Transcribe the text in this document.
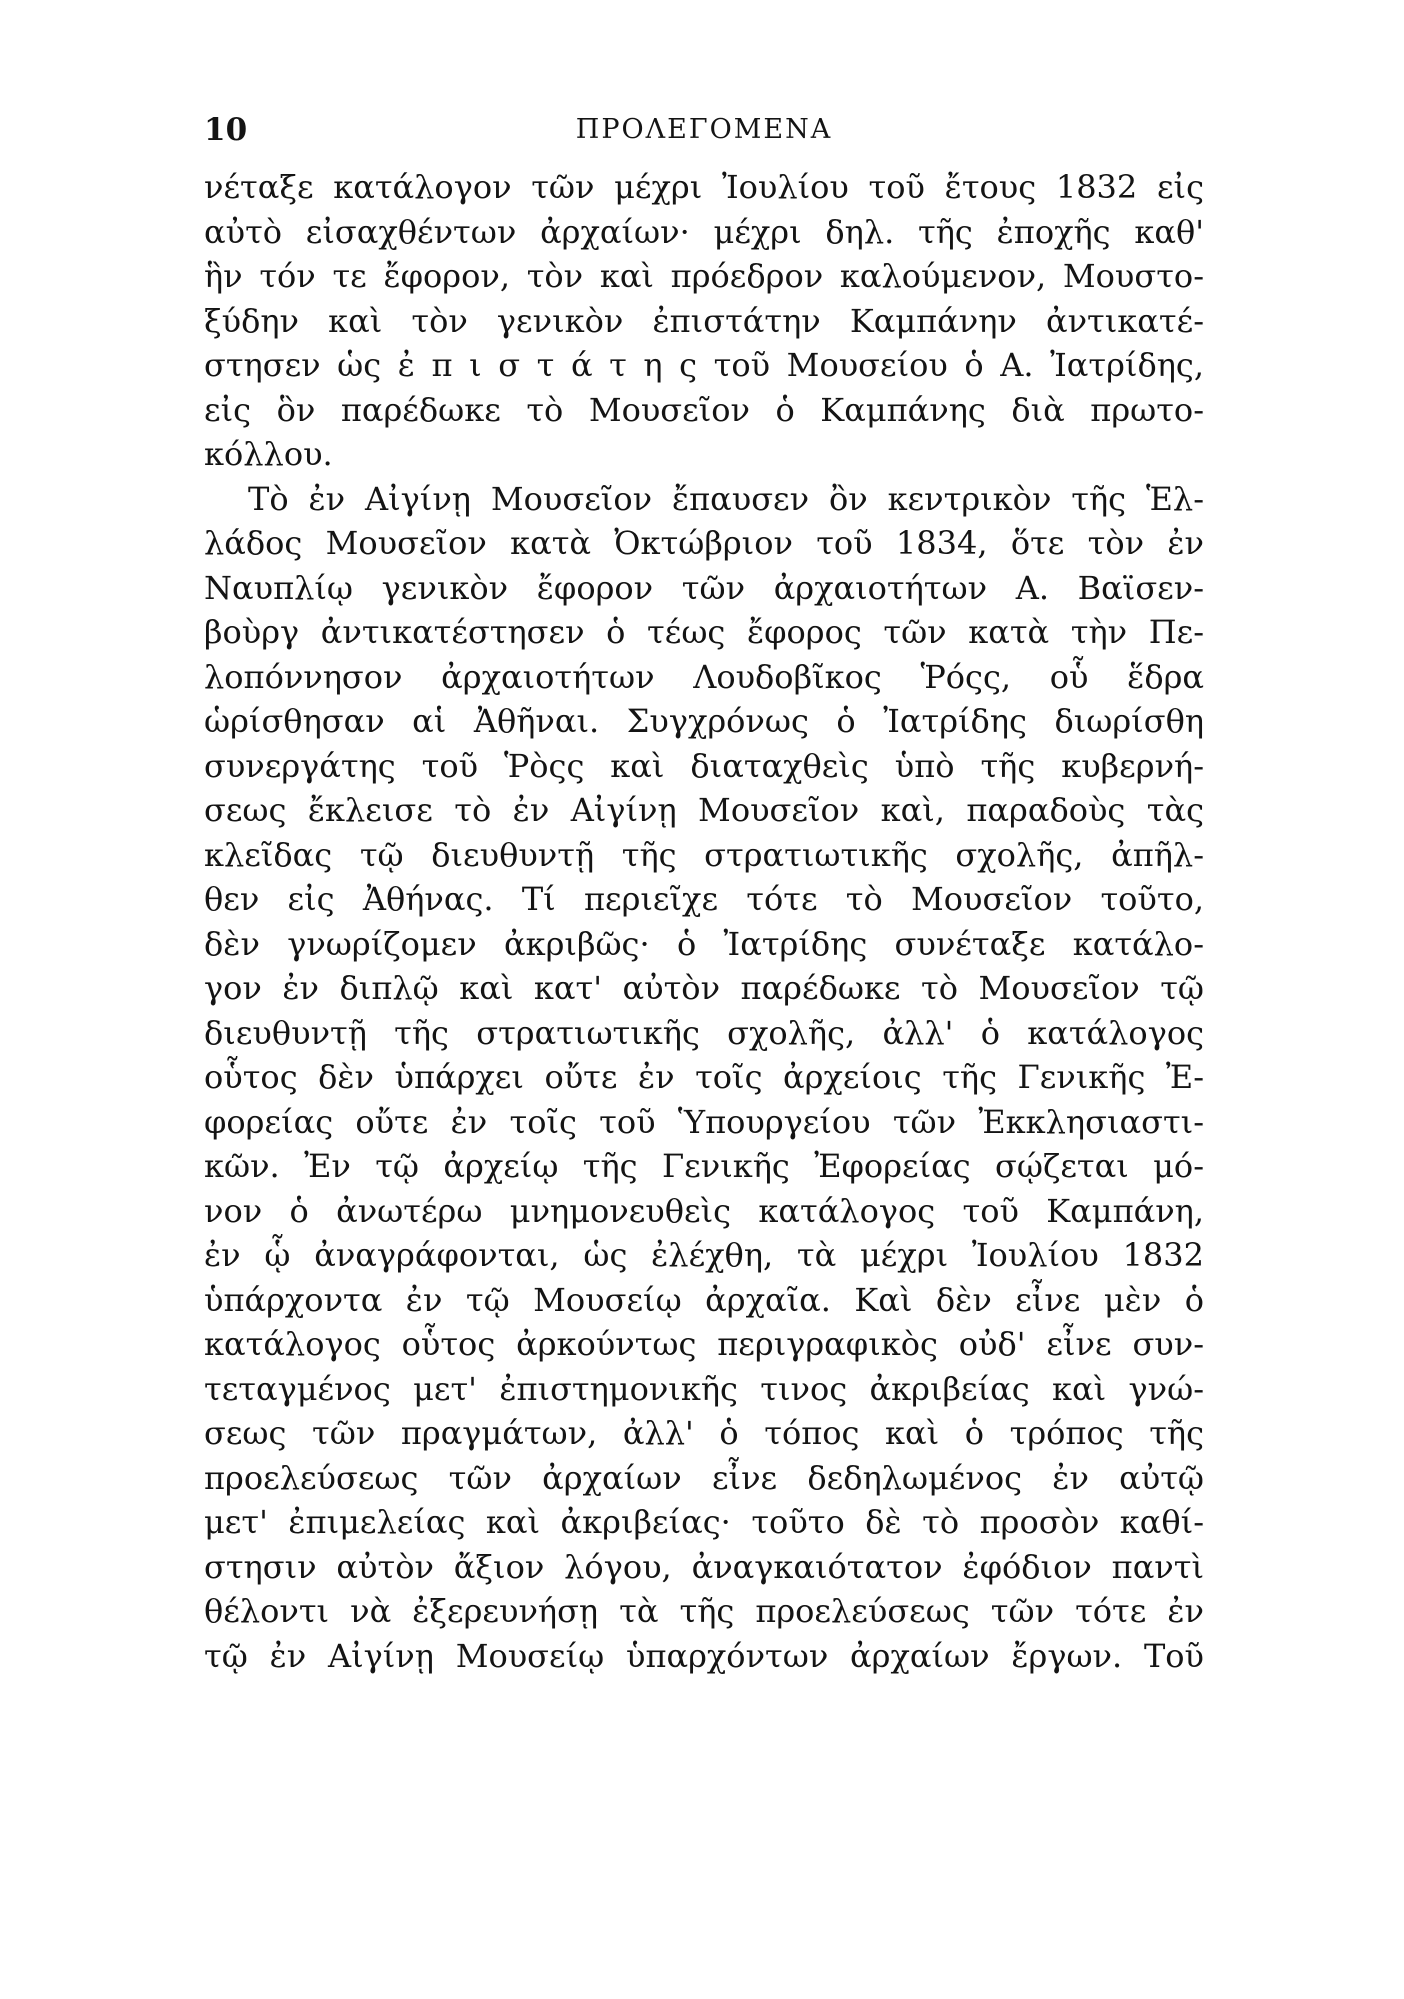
10	ΠΡΟΛΕΓΟΜΕΝΑ
νέταξε κατάλογον τῶν μέχρι Ἰουλίου τοῦ ἔτους 1832 εἰς
αὐτὸ εἰσαχθέντων ἀρχαίων· μέχρι δηλ. τῆς ἐποχῆς καθ'
ἣν τόν τε ἔφορον, τὸν καὶ πρόεδρον καλούμενον, Μουστο-
ξύδην καὶ τὸν γενικὸν ἐπιστάτην Καμπάνην ἀντικατέ-
στησεν ὡς ἐ π ι σ τ ά τ η ς τοῦ Μουσείου ὁ Α. Ἰατρίδης,
εἰς ὃν παρέδωκε τὸ Μουσεῖον ὁ Καμπάνης διὰ πρωτο-
κόλλου.
Τὸ ἐν Αἰγίνῃ Μουσεῖον ἔπαυσεν ὂν κεντρικὸν τῆς Ἑλ-
λάδος Μουσεῖον κατὰ Ὀκτώβριον τοῦ 1834, ὅτε τὸν ἐν
Ναυπλίῳ γενικὸν ἔφορον τῶν ἀρχαιοτήτων Α. Βαϊσεν-
βοὺργ ἀντικατέστησεν ὁ τέως ἔφορος τῶν κατὰ τὴν Πε-
λοπόννησον ἀρχαιοτήτων Λουδοβῖκος Ῥόςς, οὗ ἕδρα
ὡρίσθησαν αἱ Ἀθῆναι. Συγχρόνως ὁ Ἰατρίδης διωρίσθη
συνεργάτης τοῦ Ῥὸςς καὶ διαταχθεὶς ὑπὸ τῆς κυβερνή-
σεως ἔκλεισε τὸ ἐν Αἰγίνῃ Μουσεῖον καὶ, παραδοὺς τὰς
κλεῖδας τῷ διευθυντῇ τῆς στρατιωτικῆς σχολῆς, ἀπῆλ-
θεν εἰς Ἀθήνας. Τί περιεῖχε τότε τὸ Μουσεῖον τοῦτο,
δὲν γνωρίζομεν ἀκριβῶς· ὁ Ἰατρίδης συνέταξε κατάλο-
γον ἐν διπλῷ καὶ κατ' αὐτὸν παρέδωκε τὸ Μουσεῖον τῷ
διευθυντῇ τῆς στρατιωτικῆς σχολῆς, ἀλλ' ὁ κατάλογος
οὗτος δὲν ὑπάρχει οὔτε ἐν τοῖς ἀρχείοις τῆς Γενικῆς Ἐ-
φορείας οὔτε ἐν τοῖς τοῦ Ὑπουργείου τῶν Ἐκκλησιαστι-
κῶν. Ἐν τῷ ἀρχείῳ τῆς Γενικῆς Ἐφορείας σῴζεται μό-
νον ὁ ἀνωτέρω μνημονευθεὶς κατάλογος τοῦ Καμπάνη,
ἐν ᾧ ἀναγράφονται, ὡς ἐλέχθη, τὰ μέχρι Ἰουλίου 1832
ὑπάρχοντα ἐν τῷ Μουσείῳ ἀρχαῖα. Καὶ δὲν εἶνε μὲν ὁ
κατάλογος οὗτος ἀρκούντως περιγραφικὸς οὐδ' εἶνε συν-
τεταγμένος μετ' ἐπιστημονικῆς τινος ἀκριβείας καὶ γνώ-
σεως τῶν πραγμάτων, ἀλλ' ὁ τόπος καὶ ὁ τρόπος τῆς
προελεύσεως τῶν ἀρχαίων εἶνε δεδηλωμένος ἐν αὐτῷ
μετ' ἐπιμελείας καὶ ἀκριβείας· τοῦτο δὲ τὸ προσὸν καθί-
στησιν αὐτὸν ἄξιον λόγου, ἀναγκαιότατον ἐφόδιον παντὶ
θέλοντι νὰ ἐξερευνήσῃ τὰ τῆς προελεύσεως τῶν τότε ἐν
τῷ ἐν Αἰγίνῃ Μουσείῳ ὑπαρχόντων ἀρχαίων ἔργων. Τοῦ
